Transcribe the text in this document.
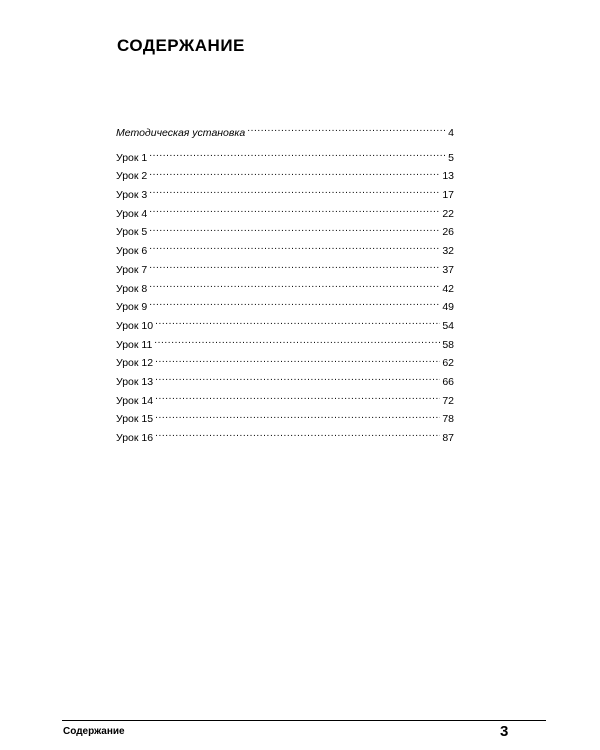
СОДЕРЖАНИЕ
Методическая установка .....	4
Урок 1 .....	5
Урок 2 .....	13
Урок 3 .....	17
Урок 4 .....	22
Урок 5 .....	26
Урок 6 .....	32
Урок 7 .....	37
Урок 8 .....	42
Урок 9 .....	49
Урок 10 .....	54
Урок 11 .....	58
Урок 12 .....	62
Урок 13 .....	66
Урок 14 .....	72
Урок 15 .....	78
Урок 16 .....	87
Содержание	3
